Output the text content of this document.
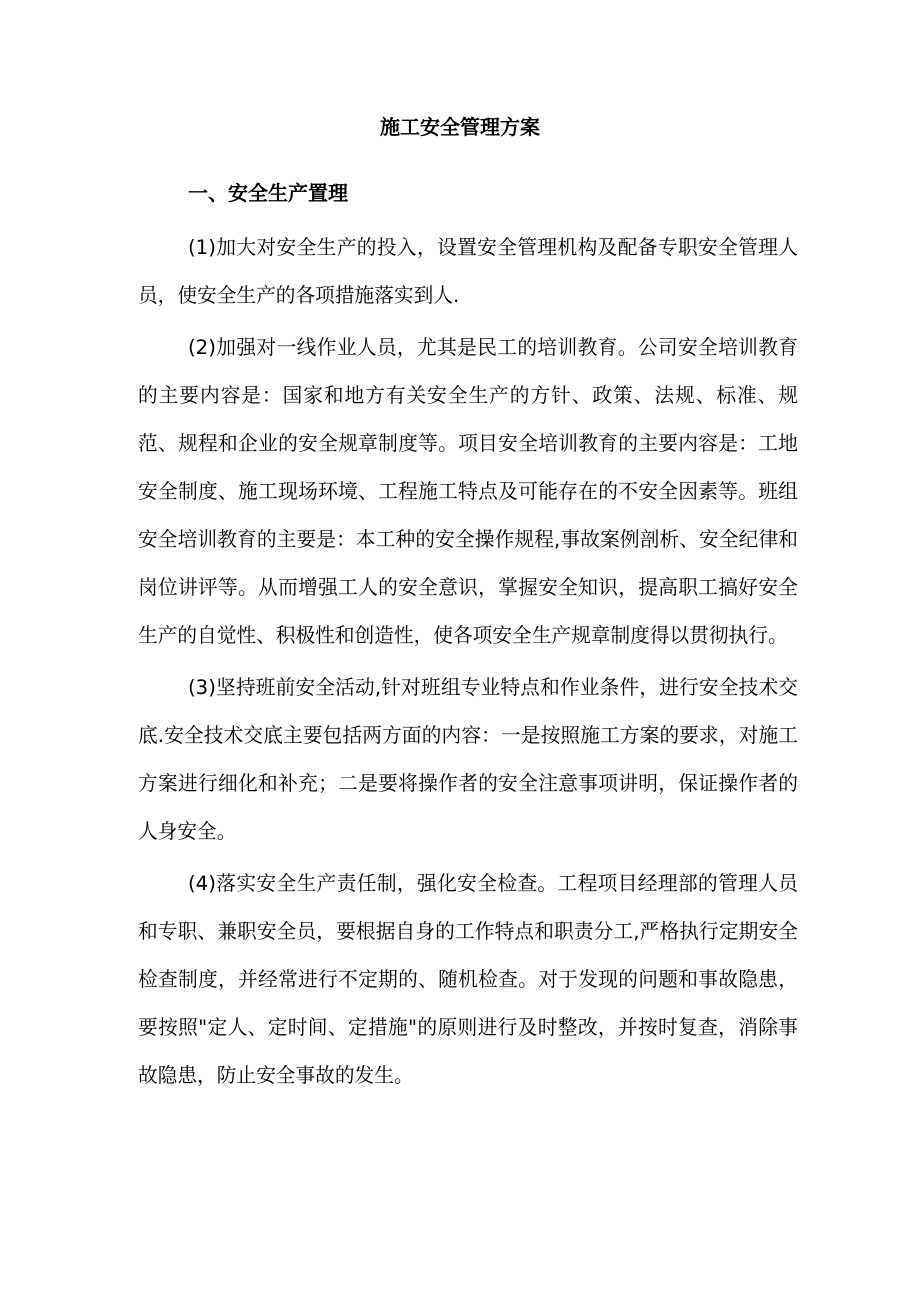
施工安全管理方案
一、安全生产置理

(1)加大对安全生产的投入，设置安全管理机构及配备专职安全管理人员，使安全生产的各项措施落实到人.

(2)加强对一线作业人员，尤其是民工的培训教育。公司安全培训教育的主要内容是：国家和地方有关安全生产的方针、政策、法规、标准、规范、规程和企业的安全规章制度等。项目安全培训教育的主要内容是：工地安全制度、施工现场环境、工程施工特点及可能存在的不安全因素等。班组安全培训教育的主要是：本工种的安全操作规程,事故案例剖析、安全纪律和岗位讲评等。从而增强工人的安全意识，掌握安全知识，提高职工搞好安全生产的自觉性、积极性和创造性，使各项安全生产规章制度得以贯彻执行。

(3)坚持班前安全活动,针对班组专业特点和作业条件，进行安全技术交底.安全技术交底主要包括两方面的内容：一是按照施工方案的要求，对施工方案进行细化和补充；二是要将操作者的安全注意事项讲明，保证操作者的人身安全。

(4)落实安全生产责任制，强化安全检查。工程项目经理部的管理人员和专职、兼职安全员，要根据自身的工作特点和职责分工,严格执行定期安全检查制度，并经常进行不定期的、随机检查。对于发现的问题和事故隐患，要按照"定人、定时间、定措施"的原则进行及时整改，并按时复查，消除事故隐患，防止安全事故的发生。
